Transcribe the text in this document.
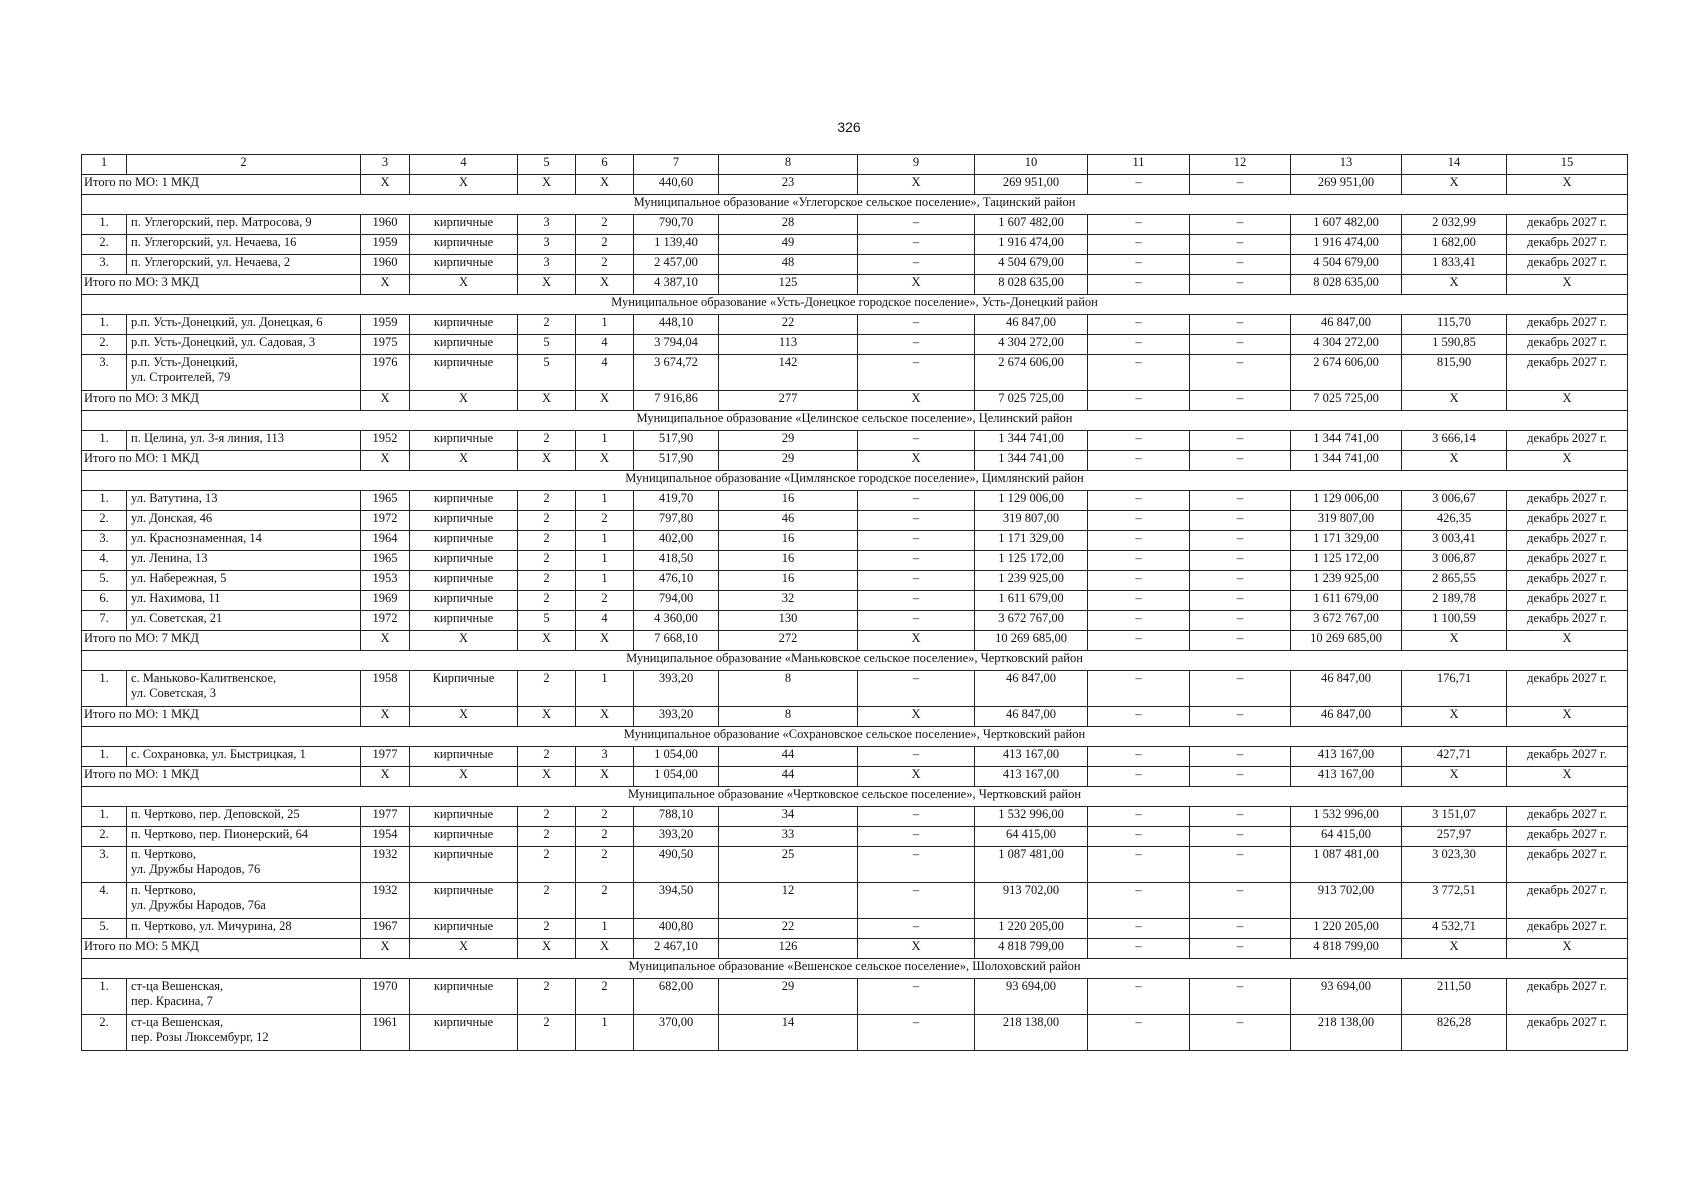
326
1	2	3	4	5	6	7	8	9	10	11	12	13	14	15
Итого по МО: 1 МКД		X	X	X	X	440,60	23	X	269 951,00	–	–	269 951,00	X	X
Муниципальное образование «Углегорское сельское поселение», Тацинский район														
1.	п. Углегорский, пер. Матросова, 9	1960	кирпичные	3	2	790,70	28	–	1 607 482,00	–	–	1 607 482,00	2 032,99	декабрь 2027 г.
2.	п. Углегорский, ул. Нечаева, 16	1959	кирпичные	3	2	1 139,40	49	–	1 916 474,00	–	–	1 916 474,00	1 682,00	декабрь 2027 г.
3.	п. Углегорский, ул. Нечаева, 2	1960	кирпичные	3	2	2 457,00	48	–	4 504 679,00	–	–	4 504 679,00	1 833,41	декабрь 2027 г.
Итого по МО: 3 МКД		X	X	X	X	4 387,10	125	X	8 028 635,00	–	–	8 028 635,00	X	X
Муниципальное образование «Усть-Донецкое городское поселение», Усть-Донецкий район														
1.	р.п. Усть-Донецкий, ул. Донецкая, 6	1959	кирпичные	2	1	448,10	22	–	46 847,00	–	–	46 847,00	115,70	декабрь 2027 г.
2.	р.п. Усть-Донецкий, ул. Садовая, 3	1975	кирпичные	5	4	3 794,04	113	–	4 304 272,00	–	–	4 304 272,00	1 590,85	декабрь 2027 г.
3.	р.п. Усть-Донецкий,
ул. Строителей, 79	1976	кирпичные	5	4	3 674,72	142	–	2 674 606,00	–	–	2 674 606,00	815,90	декабрь 2027 г.
Итого по МО: 3 МКД		X	X	X	X	7 916,86	277	X	7 025 725,00	–	–	7 025 725,00	X	X
Муниципальное образование «Целинское сельское поселение», Целинский район														
1.	п. Целина, ул. 3-я линия, 113	1952	кирпичные	2	1	517,90	29	–	1 344 741,00	–	–	1 344 741,00	3 666,14	декабрь 2027 г.
Итого по МО: 1 МКД		X	X	X	X	517,90	29	X	1 344 741,00	–	–	1 344 741,00	X	X
Муниципальное образование «Цимлянское городское поселение», Цимлянский район														
1.	ул. Ватутина, 13	1965	кирпичные	2	1	419,70	16	–	1 129 006,00	–	–	1 129 006,00	3 006,67	декабрь 2027 г.
2.	ул. Донская, 46	1972	кирпичные	2	2	797,80	46	–	319 807,00	–	–	319 807,00	426,35	декабрь 2027 г.
3.	ул. Краснознаменная, 14	1964	кирпичные	2	1	402,00	16	–	1 171 329,00	–	–	1 171 329,00	3 003,41	декабрь 2027 г.
4.	ул. Ленина, 13	1965	кирпичные	2	1	418,50	16	–	1 125 172,00	–	–	1 125 172,00	3 006,87	декабрь 2027 г.
5.	ул. Набережная, 5	1953	кирпичные	2	1	476,10	16	–	1 239 925,00	–	–	1 239 925,00	2 865,55	декабрь 2027 г.
6.	ул. Нахимова, 11	1969	кирпичные	2	2	794,00	32	–	1 611 679,00	–	–	1 611 679,00	2 189,78	декабрь 2027 г.
7.	ул. Советская, 21	1972	кирпичные	5	4	4 360,00	130	–	3 672 767,00	–	–	3 672 767,00	1 100,59	декабрь 2027 г.
Итого по МО: 7 МКД		X	X	X	X	7 668,10	272	X	10 269 685,00	–	–	10 269 685,00	X	X
Муниципальное образование «Маньковское сельское поселение», Чертковский район														
1.	с. Маньково-Калитвенское,
ул. Советская, 3	1958	Кирпичные	2	1	393,20	8	–	46 847,00	–	–	46 847,00	176,71	декабрь 2027 г.
Итого по МО: 1 МКД		X	X	X	X	393,20	8	X	46 847,00	–	–	46 847,00	X	X
Муниципальное образование «Сохрановское сельское поселение», Чертковский район														
1.	с. Сохрановка, ул. Быстрицкая, 1	1977	кирпичные	2	3	1 054,00	44	–	413 167,00	–	–	413 167,00	427,71	декабрь 2027 г.
Итого по МО: 1 МКД		X	X	X	X	1 054,00	44	X	413 167,00	–	–	413 167,00	X	X
Муниципальное образование «Чертковское сельское поселение», Чертковский район														
1.	п. Чертково, пер. Деповской, 25	1977	кирпичные	2	2	788,10	34	–	1 532 996,00	–	–	1 532 996,00	3 151,07	декабрь 2027 г.
2.	п. Чертково, пер. Пионерский, 64	1954	кирпичные	2	2	393,20	33	–	64 415,00	–	–	64 415,00	257,97	декабрь 2027 г.
3.	п. Чертково,
ул. Дружбы Народов, 76	1932	кирпичные	2	2	490,50	25	–	1 087 481,00	–	–	1 087 481,00	3 023,30	декабрь 2027 г.
4.	п. Чертково,
ул. Дружбы Народов, 76а	1932	кирпичные	2	2	394,50	12	–	913 702,00	–	–	913 702,00	3 772,51	декабрь 2027 г.
5.	п. Чертково, ул. Мичурина, 28	1967	кирпичные	2	1	400,80	22	–	1 220 205,00	–	–	1 220 205,00	4 532,71	декабрь 2027 г.
Итого по МО: 5 МКД		X	X	X	X	2 467,10	126	X	4 818 799,00	–	–	4 818 799,00	X	X
Муниципальное образование «Вешенское сельское поселение», Шолоховский район														
1.	ст-ца Вешенская,
пер. Красина, 7	1970	кирпичные	2	2	682,00	29	–	93 694,00	–	–	93 694,00	211,50	декабрь 2027 г.
2.	ст-ца Вешенская,
пер. Розы Люксембург, 12	1961	кирпичные	2	1	370,00	14	–	218 138,00	–	–	218 138,00	826,28	декабрь 2027 г.
